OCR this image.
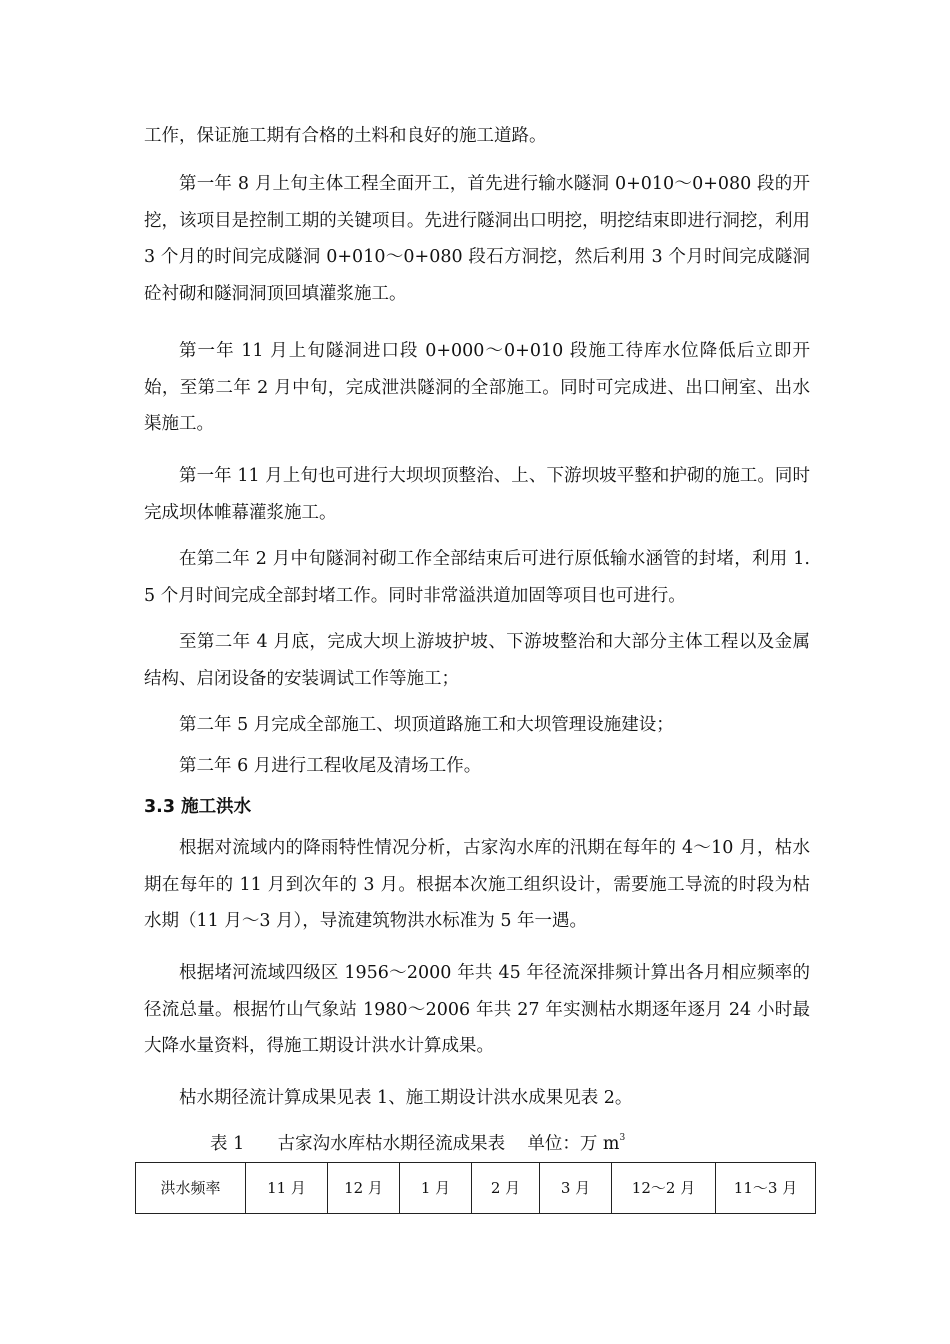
工作，保证施工期有合格的土料和良好的施工道路。

第一年 8 月上旬主体工程全面开工，首先进行输水隧洞 0+010～0+080 段的开挖，该项目是控制工期的关键项目。先进行隧洞出口明挖，明挖结束即进行洞挖，利用 3 个月的时间完成隧洞 0+010～0+080 段石方洞挖，然后利用 3 个月时间完成隧洞砼衬砌和隧洞洞顶回填灌浆施工。

第一年 11 月上旬隧洞进口段 0+000～0+010 段施工待库水位降低后立即开始，至第二年 2 月中旬，完成泄洪隧洞的全部施工。同时可完成进、出口闸室、出水渠施工。

第一年 11 月上旬也可进行大坝坝顶整治、上、下游坝坡平整和护砌的施工。同时完成坝体帷幕灌浆施工。

在第二年 2 月中旬隧洞衬砌工作全部结束后可进行原低输水涵管的封堵，利用 1.5 个月时间完成全部封堵工作。同时非常溢洪道加固等项目也可进行。

至第二年 4 月底，完成大坝上游坡护坡、下游坡整治和大部分主体工程以及金属结构、启闭设备的安装调试工作等施工；

第二年 5 月完成全部施工、坝顶道路施工和大坝管理设施建设；

第二年 6 月进行工程收尾及清场工作。

3.3 施工洪水

根据对流域内的降雨特性情况分析，古家沟水库的汛期在每年的 4～10 月，枯水期在每年的 11 月到次年的 3 月。根据本次施工组织设计，需要施工导流的时段为枯水期（11 月～3 月），导流建筑物洪水标准为 5 年一遇。

根据堵河流域四级区 1956～2000 年共 45 年径流深排频计算出各月相应频率的径流总量。根据竹山气象站 1980～2006 年共 27 年实测枯水期逐年逐月 24 小时最大降水量资料，得施工期设计洪水计算成果。

枯水期径流计算成果见表 1、施工期设计洪水成果见表 2。

表 1 古家沟水库枯水期径流成果表 单位：万 $m^3$
洪水频率	11 月	12 月	1 月	2 月	3 月	12～2 月	11～3 月
